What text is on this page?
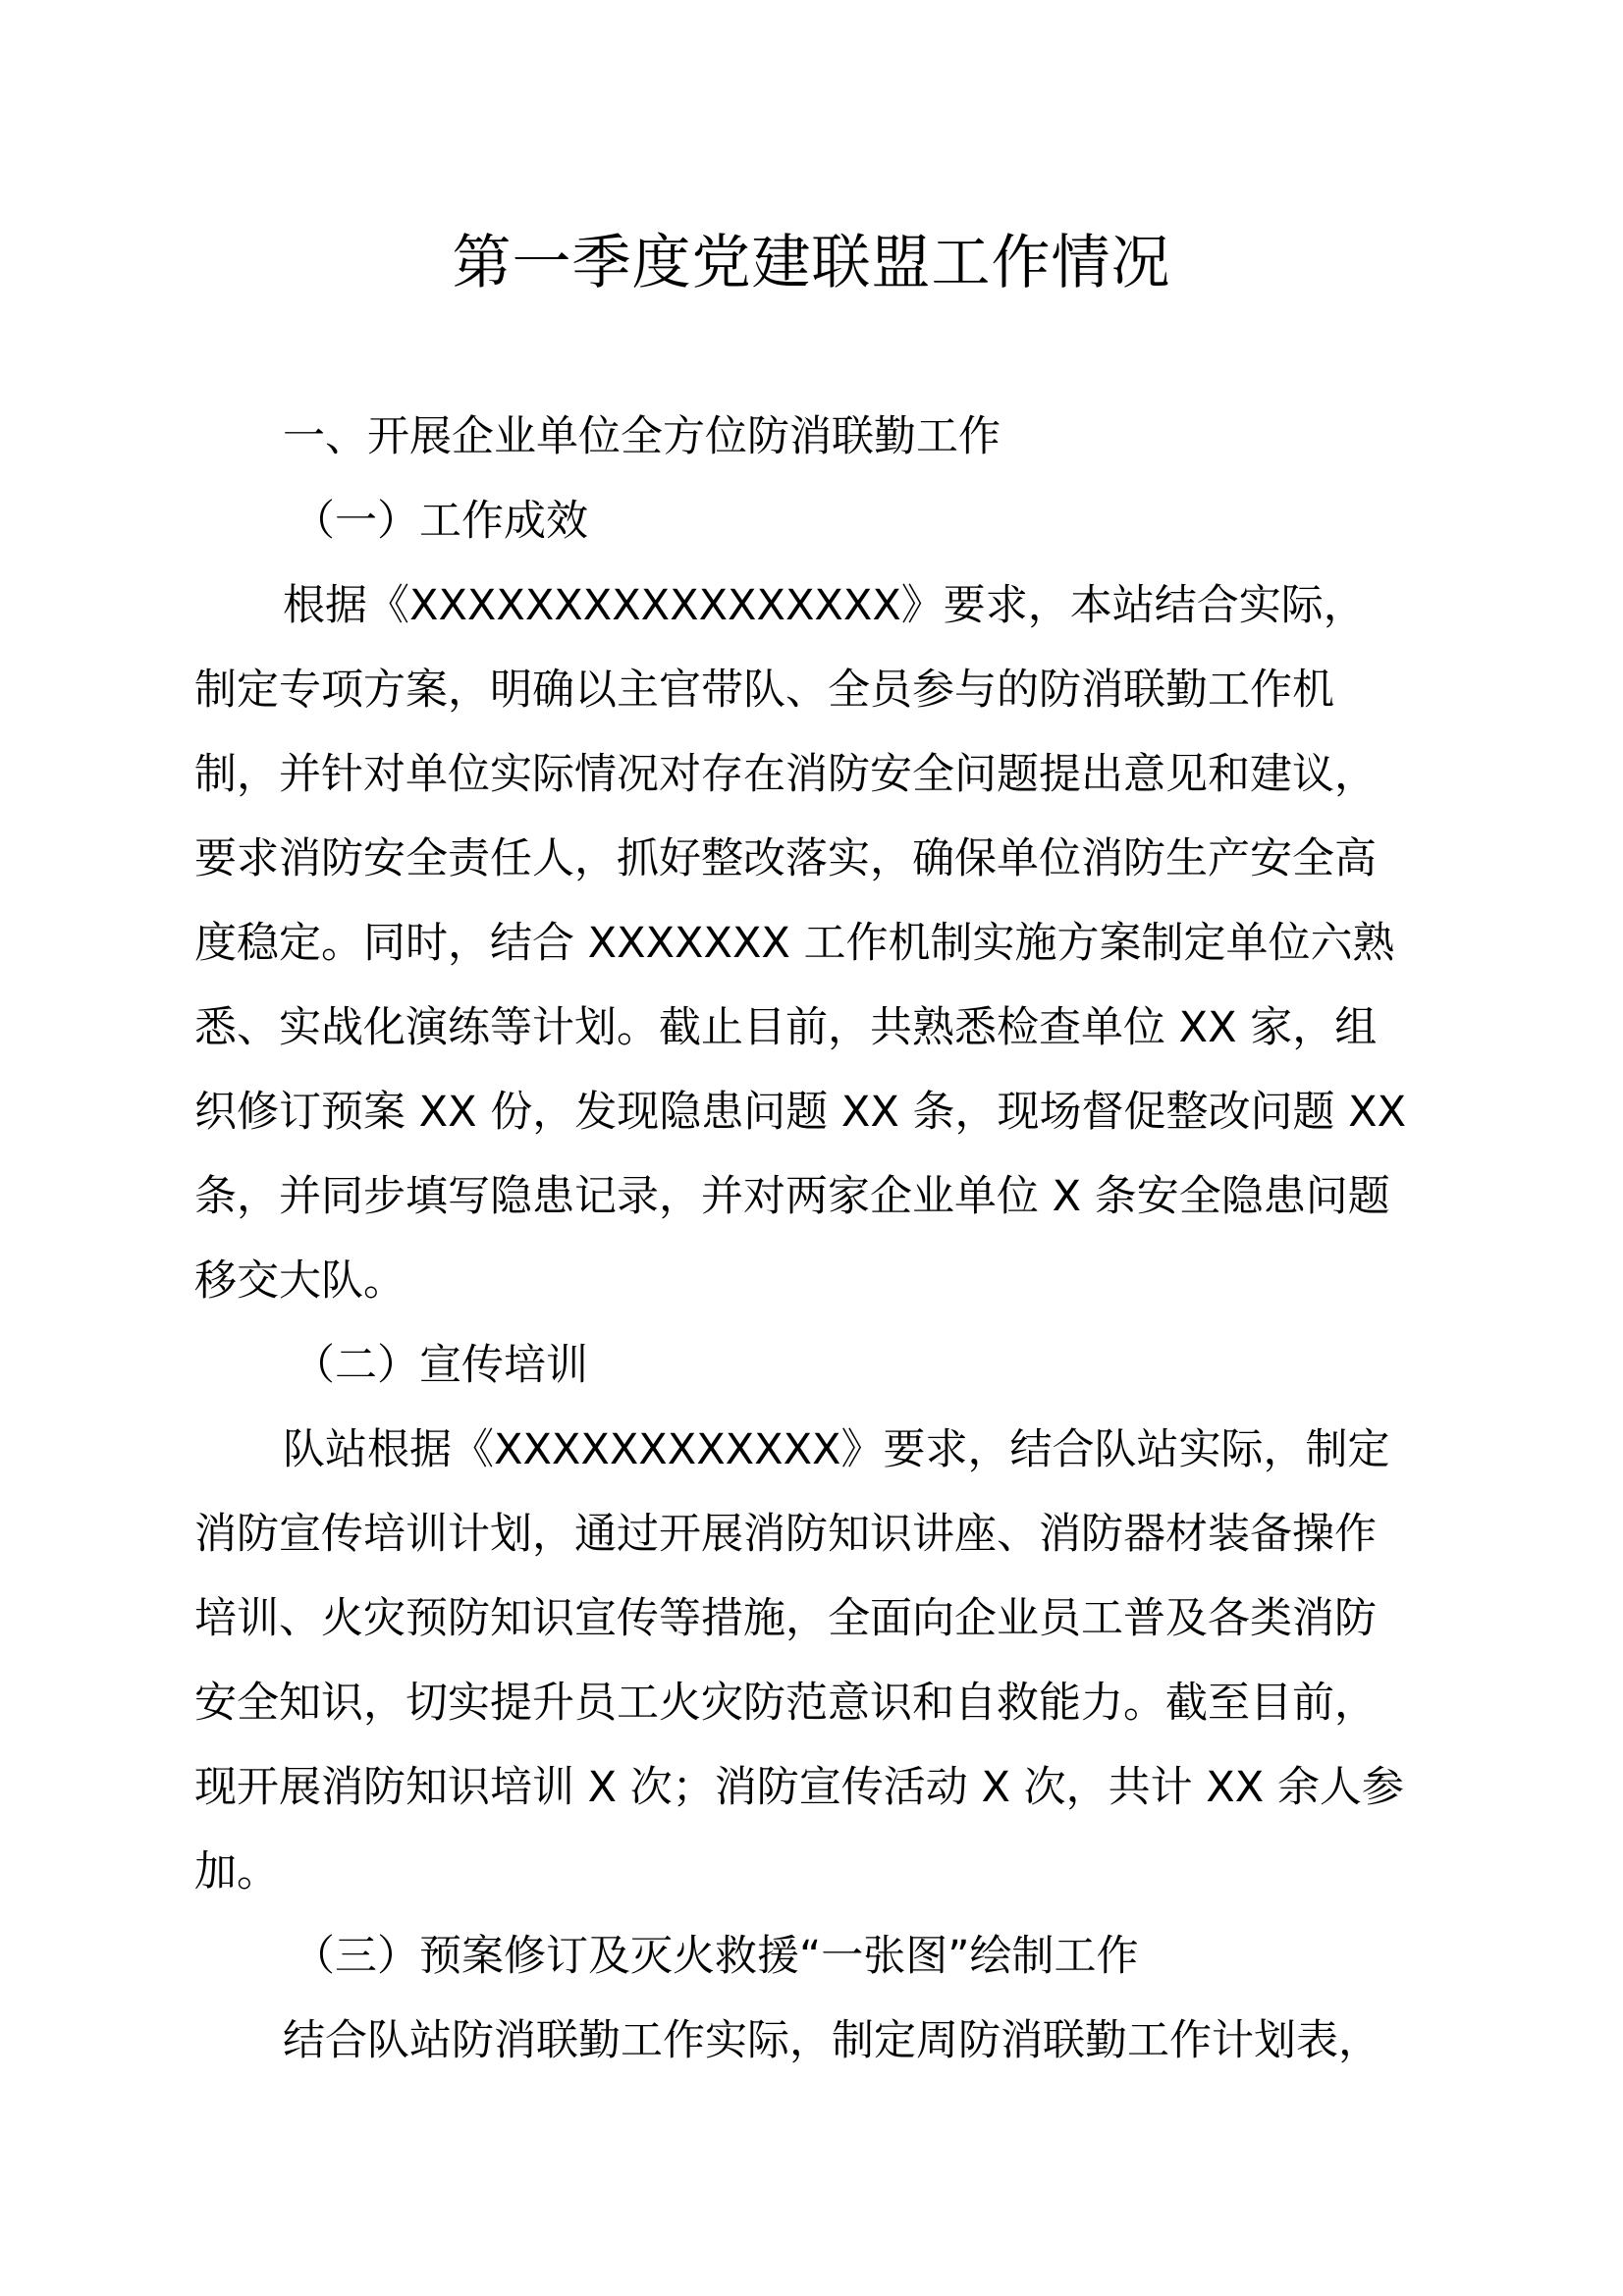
第一季度党建联盟工作情况

一、开展企业单位全方位防消联勤工作

（一）工作成效

根据《XXXXXXXXXXXXXXXXX》要求，本站结合实际，

制定专项方案，明确以主官带队、全员参与的防消联勤工作机

制，并针对单位实际情况对存在消防安全问题提出意见和建议，

要求消防安全责任人，抓好整改落实，确保单位消防生产安全高

度稳定。同时，结合 XXXXXXX 工作机制实施方案制定单位六熟

悉、实战化演练等计划。截止目前，共熟悉检查单位 XX 家，组

织修订预案 XX 份，发现隐患问题 XX 条，现场督促整改问题 XX

条，并同步填写隐患记录，并对两家企业单位 X 条安全隐患问题

移交大队。

（二）宣传培训

队站根据《XXXXXXXXXXXX》要求，结合队站实际，制定

消防宣传培训计划，通过开展消防知识讲座、消防器材装备操作

培训、火灾预防知识宣传等措施，全面向企业员工普及各类消防

安全知识，切实提升员工火灾防范意识和自救能力。截至目前，

现开展消防知识培训 X 次；消防宣传活动 X 次，共计 XX 余人参

加。

（三）预案修订及灭火救援“一张图”绘制工作

结合队站防消联勤工作实际，制定周防消联勤工作计划表，
